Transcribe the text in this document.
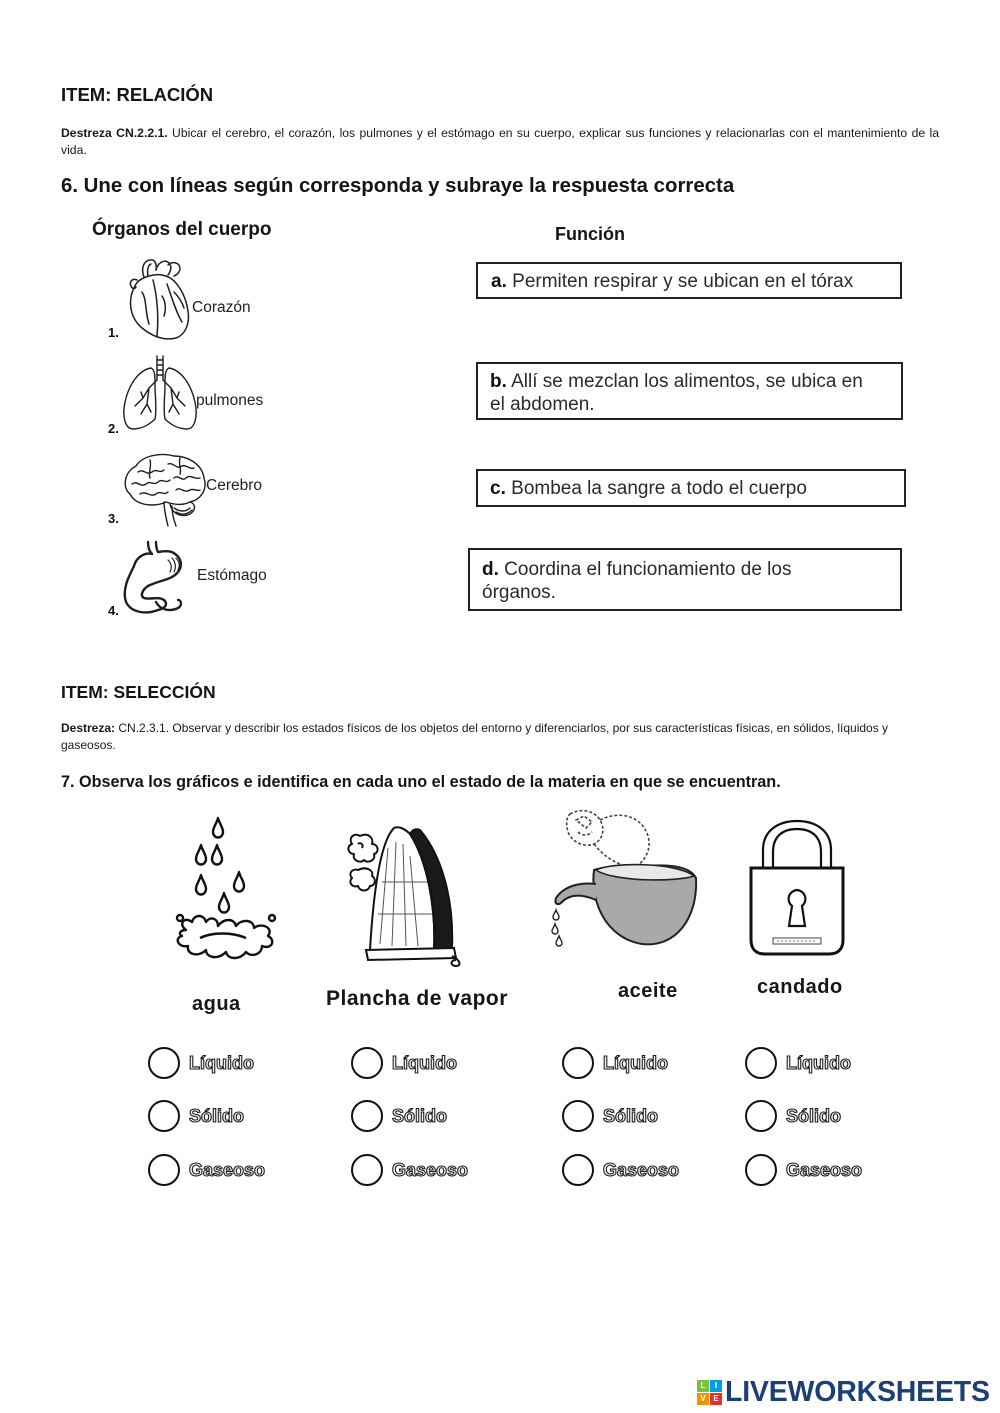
ITEM: RELACIÓN

Destreza CN.2.2.1. Ubicar el cerebro, el corazón, los pulmones y el estómago en su cuerpo, explicar sus funciones y relacionarlas con el mantenimiento de la vida.

6. Une con líneas según corresponda y subraye la respuesta correcta
Órganos del cuerpo	Función
1.
Corazón
2.
pulmones
3.
Cerebro
4.
Estómago
a. Permiten respirar y se ubican en el tórax
b. Allí se mezclan los alimentos, se ubica en el abdomen.
c. Bombea la sangre a todo el cuerpo
d. Coordina el funcionamiento de los órganos.
ITEM: SELECCIÓN

Destreza: CN.2.3.1. Observar y describir los estados físicos de los objetos del entorno y diferenciarlos, por sus características físicas, en sólidos, líquidos y gaseosos.

7. Observa los gráficos e identifica en cada uno el estado de la materia en que se encuentran.
agua
Líquido
Sólido
Gaseoso
Plancha de vapor
Líquido
Sólido
Gaseoso
aceite
Líquido
Sólido
Gaseoso
candado
Líquido
Sólido
Gaseoso
L	I
V E LIVEWORKSHEETS
